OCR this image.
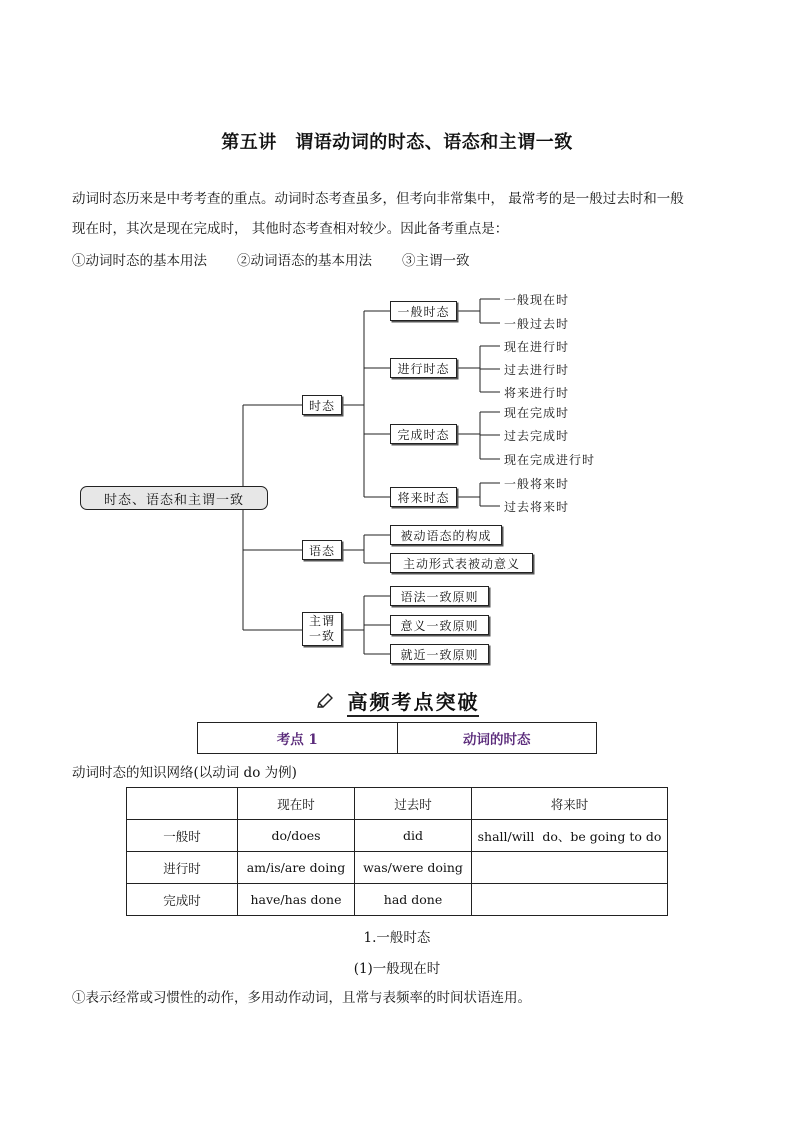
第五讲　谓语动词的时态、语态和主谓一致
动词时态历来是中考考查的重点。动词时态考查虽多，但考向非常集中， 最常考的是一般过去时和一般
现在时，其次是现在完成时， 其他时态考查相对较少。因此备考重点是：
①动词时态的基本用法 ②动词语态的基本用法 ③主谓一致
时态、语态和主谓一致
时态
语态
主谓
一致
一般时态
进行时态
完成时态
将来时态
一般现在时
一般过去时
现在进行时
过去进行时
将来进行时
现在完成时
过去完成时
现在完成进行时
一般将来时
过去将来时
被动语态的构成
主动形式表被动意义
语法一致原则
意义一致原则
就近一致原则
高频考点突破
考点 1	动词的时态
动词时态的知识网络(以动词 do 为例)
	现在时	过去时	将来时
一般时	do/does	did	shall/will  do、be going to do
进行时	am/is/are doing	was/were doing	
完成时	have/has done	had done	
1.一般时态
(1)一般现在时
①表示经常或习惯性的动作，多用动作动词，且常与表频率的时间状语连用。
